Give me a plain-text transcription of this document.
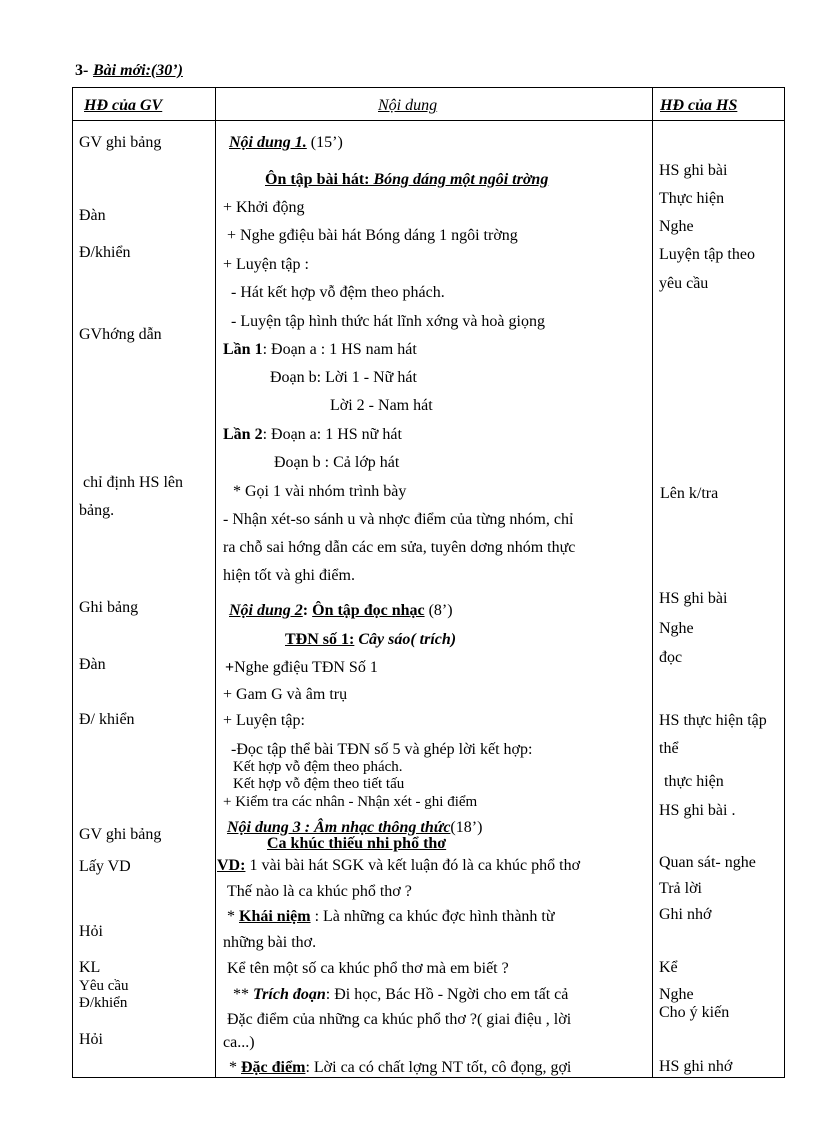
3- Bài mới:(30’)
HĐ của GV	Nội dung	HĐ của HS
GV ghi bảng
Đàn
Đ/khiển
GVhớng dẫn
chỉ định HS lên
bảng.
Ghi bảng
Đàn
Đ/ khiển
GV ghi bảng
Lấy VD
Hỏi
KL
Yêu cầu
Đ/khiển
Hỏi
HS ghi bài
Thực hiện
Nghe
Luyện tập theo
yêu cầu
Lên k/tra
HS ghi bài
Nghe
đọc
HS thực hiện tập
thể
thực hiện
HS ghi bài .
Quan sát- nghe
Trả lời
Ghi nhớ
Kể
Nghe
Cho ý kiến
HS ghi nhớ
Nội dung 1. (15’)
Ôn tập bài hát: Bóng dáng một ngôi trờng
+ Khởi động
+ Nghe gđiệu bài hát Bóng dáng 1 ngôi trờng
+ Luyện tập :
- Hát kết hợp vỗ đệm theo phách.
- Luyện tập hình thức hát lĩnh xớng và hoà giọng
Lần 1: Đoạn a : 1 HS nam hát
Đoạn b: Lời 1 - Nữ hát
Lời 2 - Nam hát
Lần 2: Đoạn a: 1 HS nữ hát
Đoạn b : Cả lớp hát
* Gọi 1 vài nhóm trình bày
- Nhận xét-so sánh u và nhợc điểm của từng nhóm, chỉ
ra chỗ sai hớng dẫn các em sửa, tuyên dơng nhóm thực
hiện tốt và ghi điểm.
Nội dung 2: Ôn tập đọc nhạc (8’)
TĐN số 1: Cây sáo( trích)
+Nghe gđiệu TĐN Số 1
+ Gam G và âm trụ
+ Luyện tập:
-Đọc tập thể bài TĐN số 5 và ghép lời kết hợp:
Kết hợp vỗ đệm theo phách.
Kết hợp vỗ đệm theo tiết tấu
+ Kiểm tra các nhân - Nhận xét - ghi điểm
Nội dung 3 : Âm nhạc thông thức(18’)
Ca khúc thiếu nhi phổ thơ
VD: 1 vài bài hát SGK và kết luận đó là ca khúc phổ thơ
Thế nào là ca khúc phổ thơ ?
* Khái niệm : Là những ca khúc đợc hình thành từ
những bài thơ.
Kể tên một số ca khúc phổ thơ mà em biết ?
** Trích đoạn: Đi học, Bác Hồ - Ngời cho em tất cả
Đặc điểm của những ca khúc phổ thơ ?( giai điệu , lời
ca...)
* Đặc điểm: Lời ca có chất lợng NT tốt, cô đọng, gợi
